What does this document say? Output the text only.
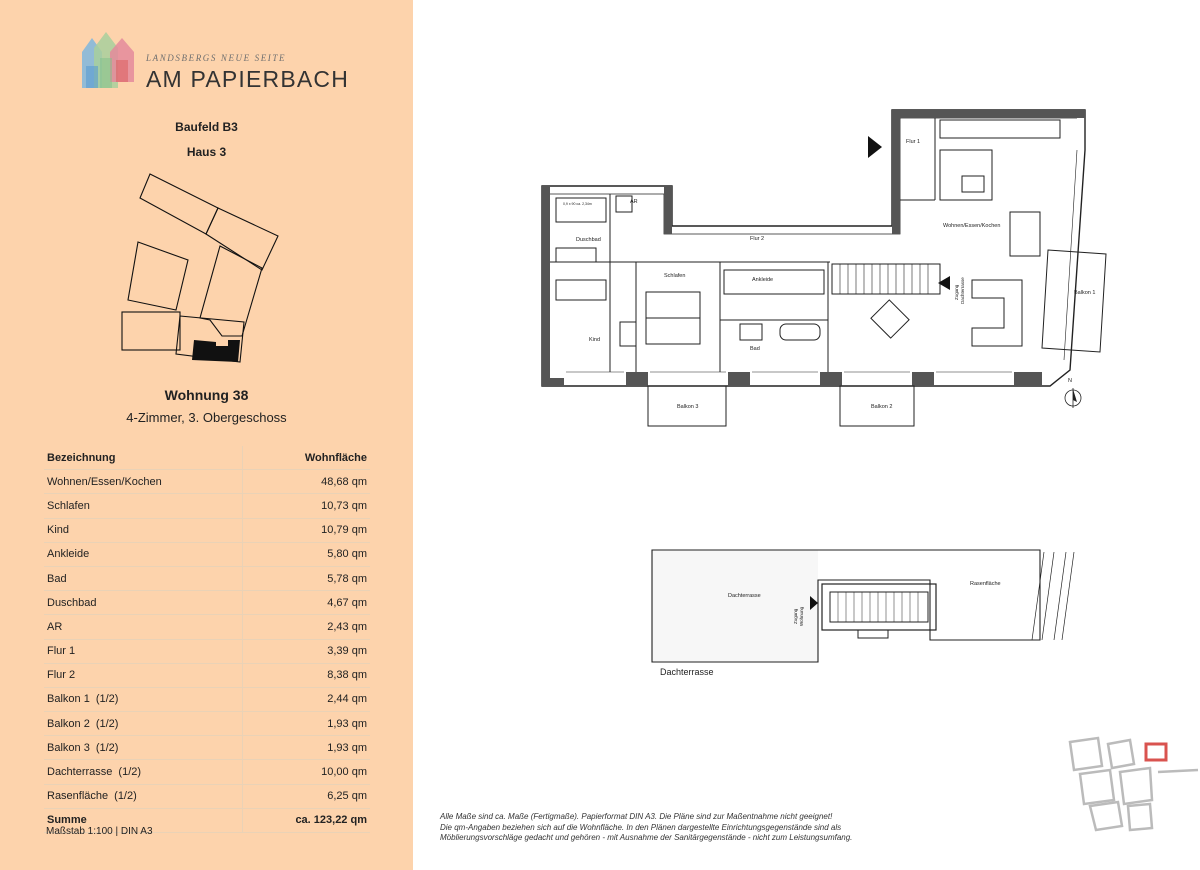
LANDSBERGS NEUE SEITE
AM PAPIERBACH
Baufeld B3
Haus 3
Wohnung 38
4-Zimmer, 3. Obergeschoss
Bezeichnung	Wohnfläche
Wohnen/Essen/Kochen	48,68 qm
Schlafen	10,73 qm
Kind	10,79 qm
Ankleide	5,80 qm
Bad	5,78 qm
Duschbad	4,67 qm
AR	2,43 qm
Flur 1	3,39 qm
Flur 2	8,38 qm
Balkon 1 (1/2)	2,44 qm
Balkon 2 (1/2)	1,93 qm
Balkon 3 (1/2)	1,93 qm
Dachterrasse (1/2)	10,00 qm
Rasenfläche (1/2)	6,25 qm
Summe	ca. 123,22 qm
Maßstab 1:100 | DIN A3
N
Flur 1
AR
0,9 x 90 ca. 2,34m
Duschbad	Flur 2
Wohnen/Essen/Kochen
Schlafen
Ankleide
Zugang Dachterrasse	Balkon 1
Kind
Bad
Balkon 3	Balkon 2
Dachterrasse
Zugang Wohnung
Rasenfläche
Dachterrasse
Alle Maße sind ca. Maße (Fertigmaße). Papierformat DIN A3. Die Pläne sind zur Maßentnahme nicht geeignet!
Die qm-Angaben beziehen sich auf die Wohnfläche. In den Plänen dargestellte Einrichtungsgegenstände sind als
Möblierungsvorschläge gedacht und gehören - mit Ausnahme der Sanitärgegenstände - nicht zum Leistungsumfang.
